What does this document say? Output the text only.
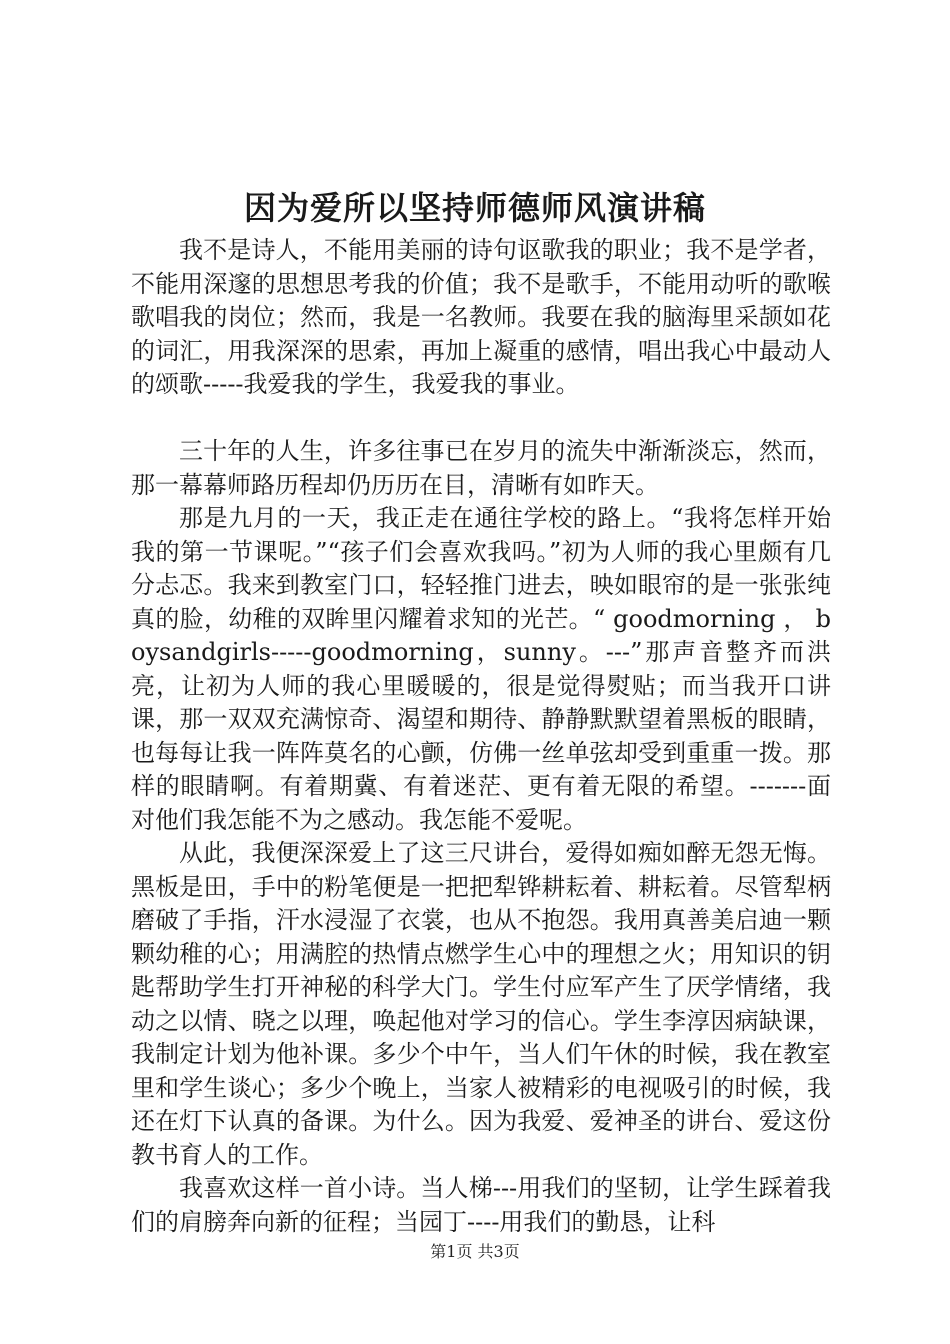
因为爱所以坚持师德师风演讲稿

我不是诗人，不能用美丽的诗句讴歌我的职业；我不是学者，不能用深邃的思想思考我的价值；我不是歌手，不能用动听的歌喉歌唱我的岗位；然而，我是一名教师。我要在我的脑海里采颉如花的词汇，用我深深的思索，再加上凝重的感情，唱出我心中最动人的颂歌-----我爱我的学生，我爱我的事业。

三十年的人生，许多往事已在岁月的流失中渐渐淡忘，然而，那一幕幕师路历程却仍历历在目，清晰有如昨天。

那是九月的一天，我正走在通往学校的路上。“我将怎样开始我的第一节课呢。”“孩子们会喜欢我吗。”初为人师的我心里颇有几分忐忑。我来到教室门口，轻轻推门进去，映如眼帘的是一张张纯真的脸，幼稚的双眸里闪耀着求知的光芒。“ goodmorning ， boysandgirls-----goodmorning，sunny。---”那声音整齐而洪亮，让初为人师的我心里暖暖的，很是觉得熨贴；而当我开口讲课，那一双双充满惊奇、渴望和期待、静静默默望着黑板的眼睛，也每每让我一阵阵莫名的心颤，仿佛一丝单弦却受到重重一拨。那样的眼睛啊。有着期冀、有着迷茫、更有着无限的希望。-------面对他们我怎能不为之感动。我怎能不爱呢。

从此，我便深深爱上了这三尺讲台，爱得如痴如醉无怨无悔。黑板是田，手中的粉笔便是一把把犁铧耕耘着、耕耘着。尽管犁柄磨破了手指，汗水浸湿了衣裳，也从不抱怨。我用真善美启迪一颗颗幼稚的心；用满腔的热情点燃学生心中的理想之火；用知识的钥匙帮助学生打开神秘的科学大门。学生付应军产生了厌学情绪，我动之以情、晓之以理，唤起他对学习的信心。学生李淳因病缺课，我制定计划为他补课。多少个中午，当人们午休的时候，我在教室里和学生谈心；多少个晚上，当家人被精彩的电视吸引的时候，我还在灯下认真的备课。为什么。因为我爱、爱神圣的讲台、爱这份教书育人的工作。

我喜欢这样一首小诗。当人梯---用我们的坚韧，让学生踩着我们的肩膀奔向新的征程；当园丁----用我们的勤恳，让科

第1页 共3页
